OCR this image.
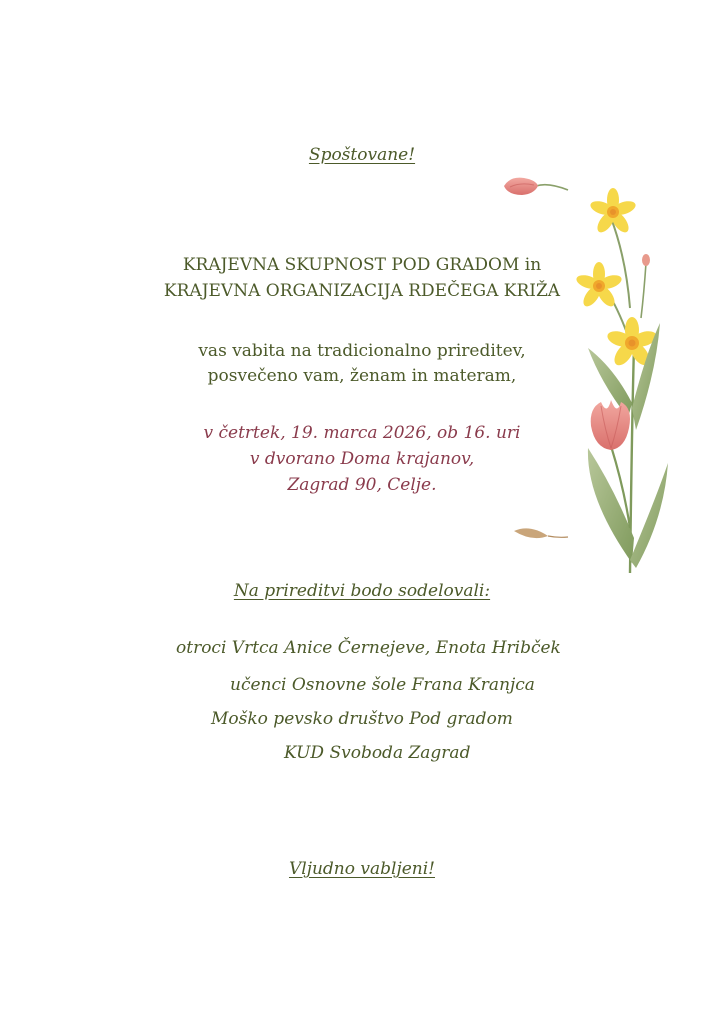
Spoštovane!
KRAJEVNA SKUPNOST POD GRADOM in
KRAJEVNA ORGANIZACIJA RDEČEGA KRIŽA
vas vabita na tradicionalno prireditev,
posvečeno vam, ženam in materam,
v četrtek, 19. marca 2026, ob 16. uri
v dvorano Doma krajanov,
Zagrad 90, Celje.
Na prireditvi bodo sodelovali:
otroci Vrtca Anice Černejeve, Enota Hribček
učenci Osnovne šole Frana Kranjca
Moško pevsko društvo Pod gradom
KUD Svoboda Zagrad
Vljudno vabljeni!
